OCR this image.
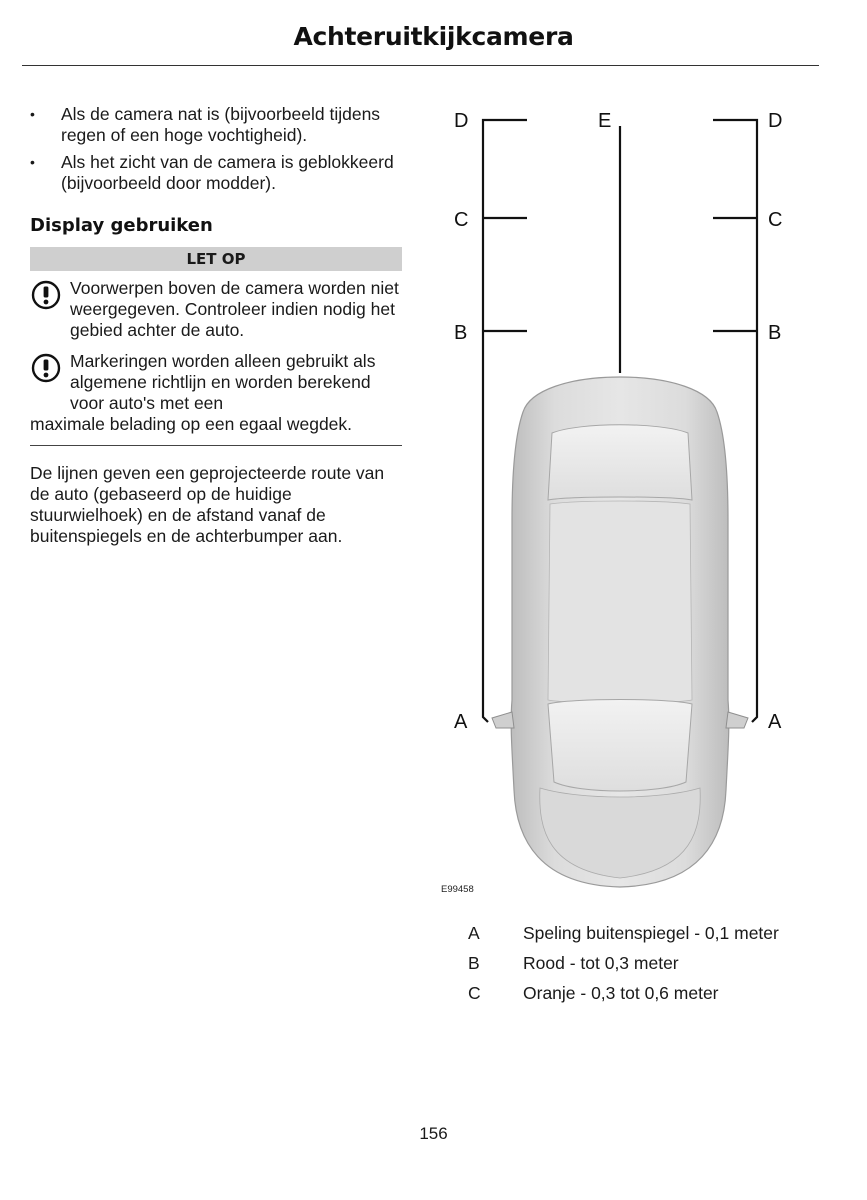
Achteruitkijkcamera
• Als de camera nat is (bijvoorbeeld tijdens regen of een hoge vochtigheid).
• Als het zicht van de camera is geblokkeerd (bijvoorbeeld door modder).
Display gebruiken
LET OP
Voorwerpen boven de camera worden niet weergegeven. Controleer indien nodig het gebied achter de auto.
Markeringen worden alleen gebruikt als algemene richtlijn en worden berekend voor auto's met een
maximale belading op een egaal wegdek.

De lijnen geven een geprojecteerde route van de auto (gebaseerd op de huidige stuurwielhoek) en de afstand vanaf de buitenspiegels en de achterbumper aan.

D	D
E
C	C
B	B
A	A
E99458
A	Speling buitenspiegel - 0,1 meter
B	Rood - tot 0,3 meter
C	Oranje - 0,3 tot 0,6 meter
156
